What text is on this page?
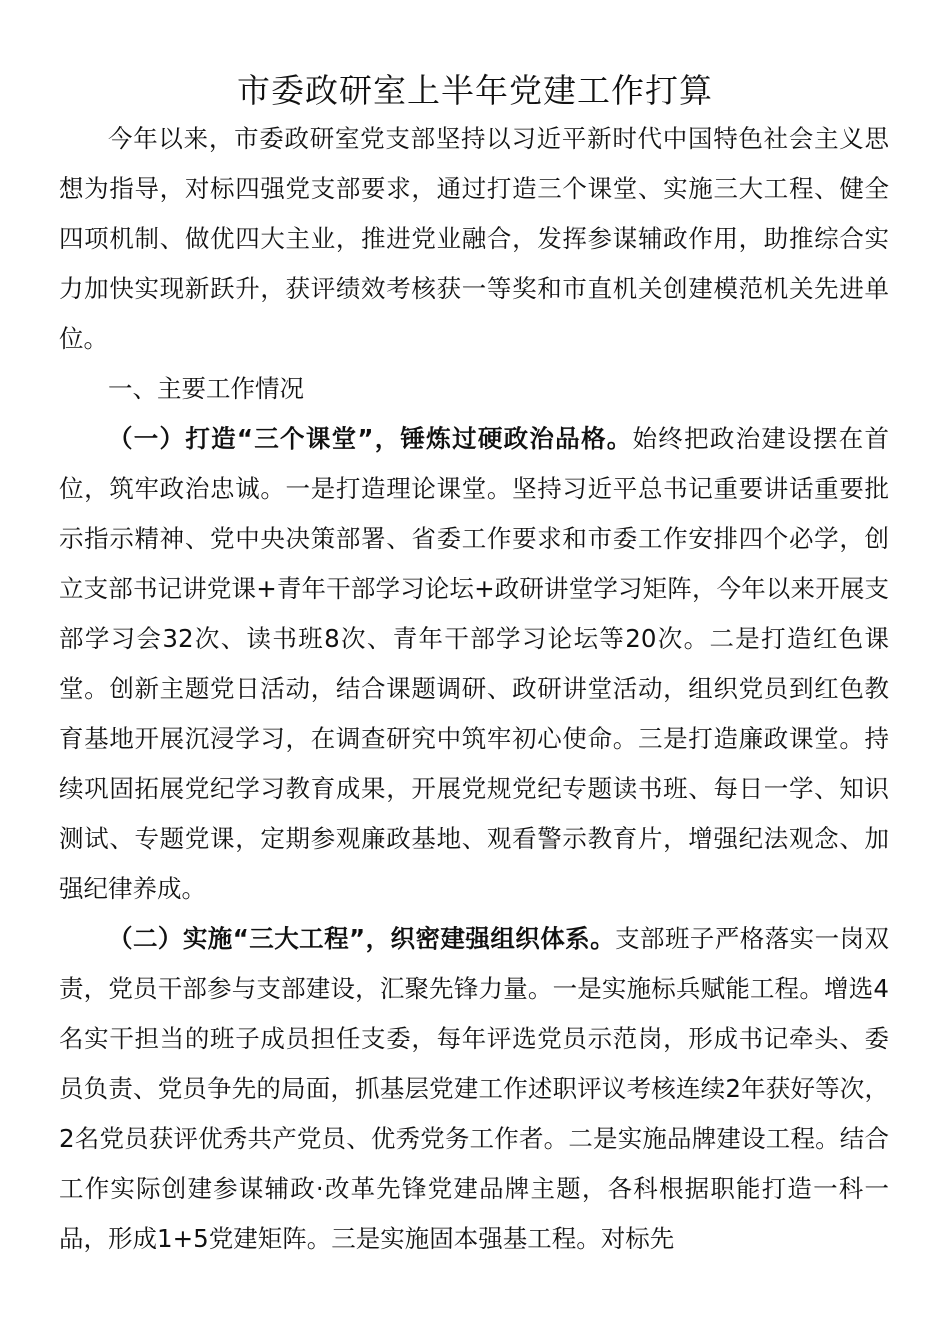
市委政研室上半年党建工作打算

今年以来，市委政研室党支部坚持以习近平新时代中国特色社会主义思想为指导，对标四强党支部要求，通过打造三个课堂、实施三大工程、健全四项机制、做优四大主业，推进党业融合，发挥参谋辅政作用，助推综合实力加快实现新跃升，获评绩效考核获一等奖和市直机关创建模范机关先进单位。

一、主要工作情况

（一）打造“三个课堂”，锤炼过硬政治品格。始终把政治建设摆在首位，筑牢政治忠诚。一是打造理论课堂。坚持习近平总书记重要讲话重要批示指示精神、党中央决策部署、省委工作要求和市委工作安排四个必学，创立支部书记讲党课+青年干部学习论坛+政研讲堂学习矩阵，今年以来开展支部学习会32次、读书班8次、青年干部学习论坛等20次。二是打造红色课堂。创新主题党日活动，结合课题调研、政研讲堂活动，组织党员到红色教育基地开展沉浸学习，在调查研究中筑牢初心使命。三是打造廉政课堂。持续巩固拓展党纪学习教育成果，开展党规党纪专题读书班、每日一学、知识测试、专题党课，定期参观廉政基地、观看警示教育片，增强纪法观念、加强纪律养成。

（二）实施“三大工程”，织密建强组织体系。支部班子严格落实一岗双责，党员干部参与支部建设，汇聚先锋力量。一是实施标兵赋能工程。增选4名实干担当的班子成员担任支委，每年评选党员示范岗，形成书记牵头、委员负责、党员争先的局面，抓基层党建工作述职评议考核连续2年获好等次，2名党员获评优秀共产党员、优秀党务工作者。二是实施品牌建设工程。结合工作实际创建参谋辅政·改革先锋党建品牌主题，各科根据职能打造一科一品，形成1+5党建矩阵。三是实施固本强基工程。对标先
